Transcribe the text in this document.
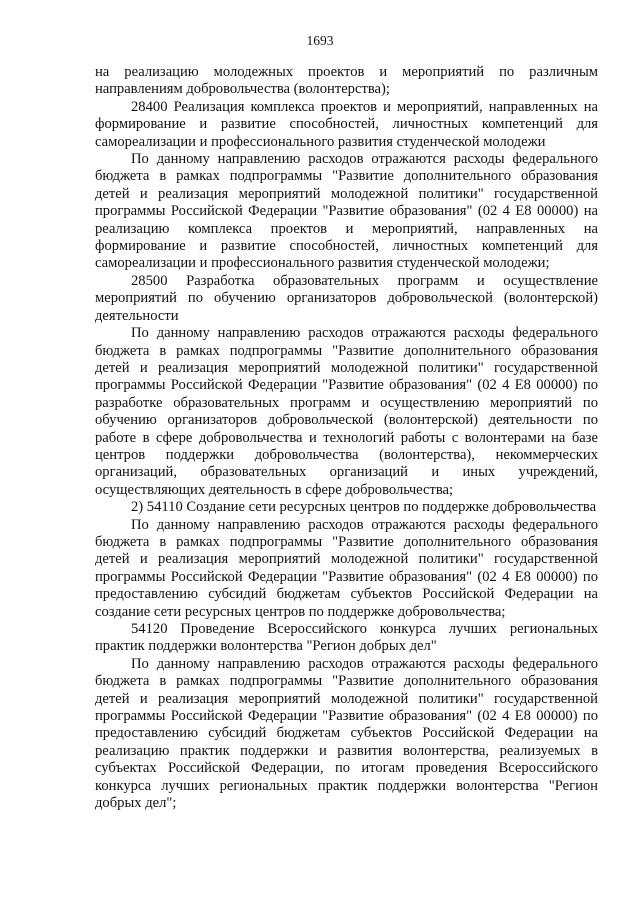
1693

на реализацию молодежных проектов и мероприятий по различным направлениям добровольчества (волонтерства);

28400 Реализация комплекса проектов и мероприятий, направленных на формирование и развитие способностей, личностных компетенций для самореализации и профессионального развития студенческой молодежи

По данному направлению расходов отражаются расходы федерального бюджета в рамках подпрограммы "Развитие дополнительного образования детей и реализация мероприятий молодежной политики" государственной программы Российской Федерации "Развитие образования" (02 4 Е8 00000) на реализацию комплекса проектов и мероприятий, направленных на формирование и развитие способностей, личностных компетенций для самореализации и профессионального развития студенческой молодежи;

28500 Разработка образовательных программ и осуществление мероприятий по обучению организаторов добровольческой (волонтерской) деятельности

По данному направлению расходов отражаются расходы федерального бюджета в рамках подпрограммы "Развитие дополнительного образования детей и реализация мероприятий молодежной политики" государственной программы Российской Федерации "Развитие образования" (02 4 Е8 00000) по разработке образовательных программ и осуществлению мероприятий по обучению организаторов добровольческой (волонтерской) деятельности по работе в сфере добровольчества и технологий работы с волонтерами на базе центров поддержки добровольчества (волонтерства), некоммерческих организаций, образовательных организаций и иных учреждений, осуществляющих деятельность в сфере добровольчества;

2) 54110 Создание сети ресурсных центров по поддержке добровольчества

По данному направлению расходов отражаются расходы федерального бюджета в рамках подпрограммы "Развитие дополнительного образования детей и реализация мероприятий молодежной политики" государственной программы Российской Федерации "Развитие образования" (02 4 Е8 00000) по предоставлению субсидий бюджетам субъектов Российской Федерации на создание сети ресурсных центров по поддержке добровольчества;

54120 Проведение Всероссийского конкурса лучших региональных практик поддержки волонтерства "Регион добрых дел"

По данному направлению расходов отражаются расходы федерального бюджета в рамках подпрограммы "Развитие дополнительного образования детей и реализация мероприятий молодежной политики" государственной программы Российской Федерации "Развитие образования" (02 4 Е8 00000) по предоставлению субсидий бюджетам субъектов Российской Федерации на реализацию практик поддержки и развития волонтерства, реализуемых в субъектах Российской Федерации, по итогам проведения Всероссийского конкурса лучших региональных практик поддержки волонтерства "Регион добрых дел";
